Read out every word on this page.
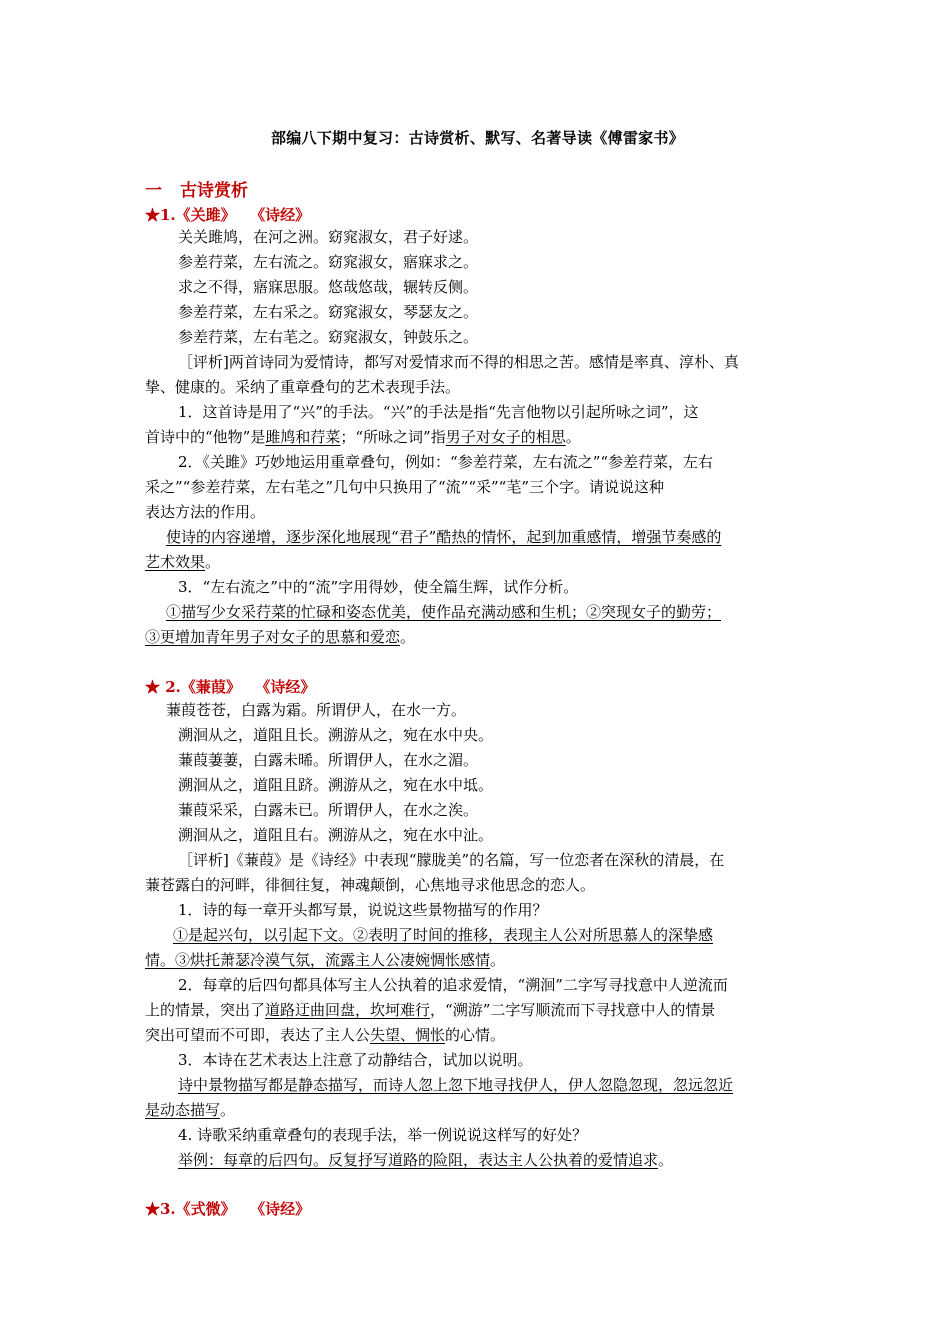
部编八下期中复习：古诗赏析、默写、名著导读《傅雷家书》
一 古诗赏析
★1.《关雎》 《诗经》
关关雎鸠，在河之洲。窈窕淑女，君子好逑。
参差荇菜，左右流之。窈窕淑女，寤寐求之。
求之不得，寤寐思服。悠哉悠哉，辗转反侧。
参差荇菜，左右采之。窈窕淑女，琴瑟友之。
参差荇菜，左右芼之。窈窕淑女，钟鼓乐之。
［评析]两首诗同为爱情诗，都写对爱情求而不得的相思之苦。感情是率真、淳朴、真
挚、健康的。采纳了重章叠句的艺术表现手法。
1．这首诗是用了“兴”的手法。“兴”的手法是指“先言他物以引起所咏之词”，这
首诗中的“他物”是雎鸠和荇菜；“所咏之词”指男子对女子的相思。
2．《关雎》巧妙地运用重章叠句，例如：“参差荇菜，左右流之”“参差荇菜，左右
采之”“参差荇菜，左右芼之”几句中只换用了“流”“采”“芼”三个字。请说说这种
表达方法的作用。
使诗的内容递增，逐步深化地展现“君子”酷热的情怀，起到加重感情，增强节奏感的
艺术效果。
3．“左右流之”中的“流”字用得妙，使全篇生辉，试作分析。
①描写少女采荇菜的忙碌和姿态优美，使作品充满动感和生机；②突现女子的勤劳；
③更增加青年男子对女子的思慕和爱恋。
★ 2.《蒹葭》 《诗经》
蒹葭苍苍，白露为霜。所谓伊人，在水一方。
溯洄从之，道阻且长。溯游从之，宛在水中央。
蒹葭萋萋，白露未晞。所谓伊人，在水之湄。
溯洄从之，道阻且跻。溯游从之，宛在水中坻。
蒹葭采采，白露未已。所谓伊人，在水之涘。
溯洄从之，道阻且右。溯游从之，宛在水中沚。
［评析]《蒹葭》是《诗经》中表现“朦胧美”的名篇，写一位恋者在深秋的清晨，在
蒹苍露白的河畔，徘徊往复，神魂颠倒，心焦地寻求他思念的恋人。
1．诗的每一章开头都写景，说说这些景物描写的作用？
①是起兴句，以引起下文。②表明了时间的推移，表现主人公对所思慕人的深挚感
情。③烘托萧瑟冷漠气氛，流露主人公凄婉惆怅感情。
2．每章的后四句都具体写主人公执着的追求爱情，“溯洄”二字写寻找意中人逆流而
上的情景，突出了道路迂曲回盘，坎坷难行，“溯游”二字写顺流而下寻找意中人的情景
突出可望而不可即，表达了主人公失望、惆怅的心情。
3．本诗在艺术表达上注意了动静结合，试加以说明。
诗中景物描写都是静态描写，而诗人忽上忽下地寻找伊人，伊人忽隐忽现，忽远忽近
是动态描写。
4. 诗歌采纳重章叠句的表现手法，举一例说说这样写的好处？
举例：每章的后四句。反复抒写道路的险阻，表达主人公执着的爱情追求。
★3.《式微》 《诗经》
